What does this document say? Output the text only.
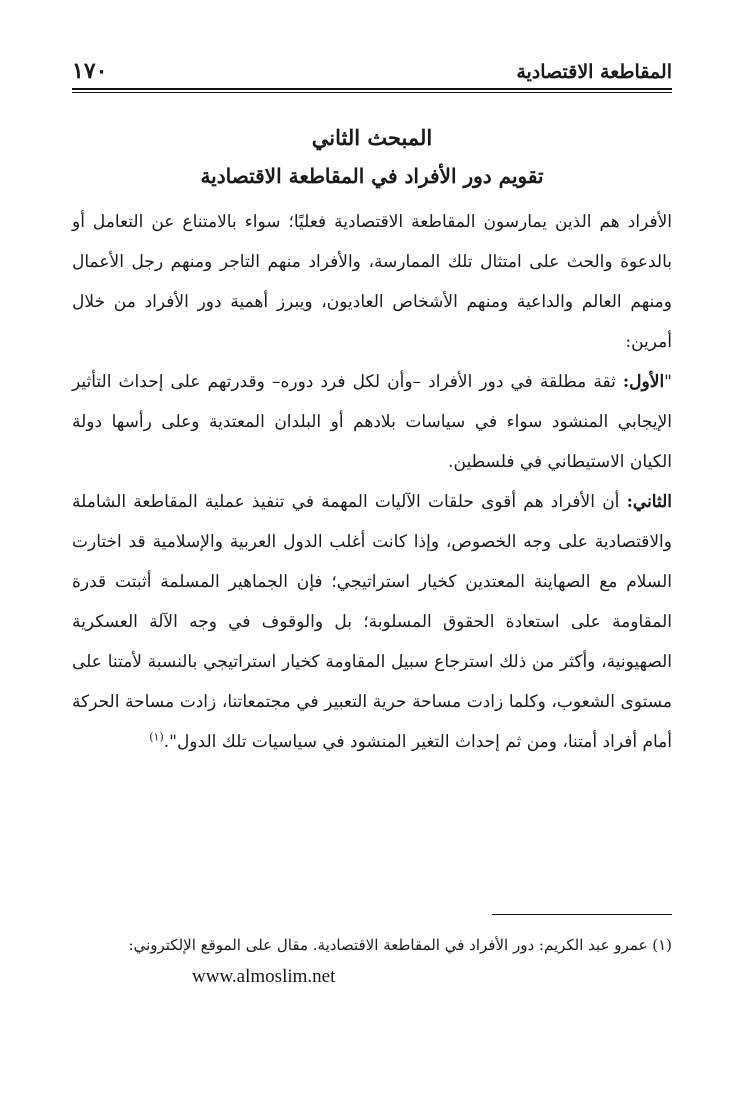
المقاطعة الاقتصادية
١٧٠
المبحث الثاني
تقويم دور الأفراد في المقاطعة الاقتصادية

الأفراد هم الذين يمارسون المقاطعة الاقتصادية فعليًا؛ سواء بالامتناع عن التعامل أو بالدعوة والحث على امتثال تلك الممارسة، والأفراد منهم التاجر ومنهم رجل الأعمال ومنهم العالم والداعية ومنهم الأشخاص العاديون، ويبرز أهمية دور الأفراد من خلال أمرين:

"الأول: ثقة مطلقة في دور الأفراد –وأن لكل فرد دوره– وقدرتهم على إحداث التأثير الإيجابي المنشود سواء في سياسات بلادهم أو البلدان المعتدية وعلى رأسها دولة الكيان الاستيطاني في فلسطين.

الثاني: أن الأفراد هم أقوى حلقات الآليات المهمة في تنفيذ عملية المقاطعة الشاملة والاقتصادية على وجه الخصوص، وإذا كانت أغلب الدول العربية والإسلامية قد اختارت السلام مع الصهاينة المعتدين كخيار استراتيجي؛ فإن الجماهير المسلمة أثبتت قدرة المقاومة على استعادة الحقوق المسلوبة؛ بل والوقوف في وجه الآلة العسكرية الصهيونية، وأكثر من ذلك استرجاع سبيل المقاومة كخيار استراتيجي بالنسبة لأمتنا على مستوى الشعوب، وكلما زادت مساحة حرية التعبير في مجتمعاتنا، زادت مساحة الحركة أمام أفراد أمتنا، ومن ثم إحداث التغير المنشود في سياسيات تلك الدول".$^{(١)}$

(١) عمرو عبد الكريم: دور الأفراد في المقاطعة الاقتصادية. مقال على الموقع الإلكتروني:
www.almoslim.net
